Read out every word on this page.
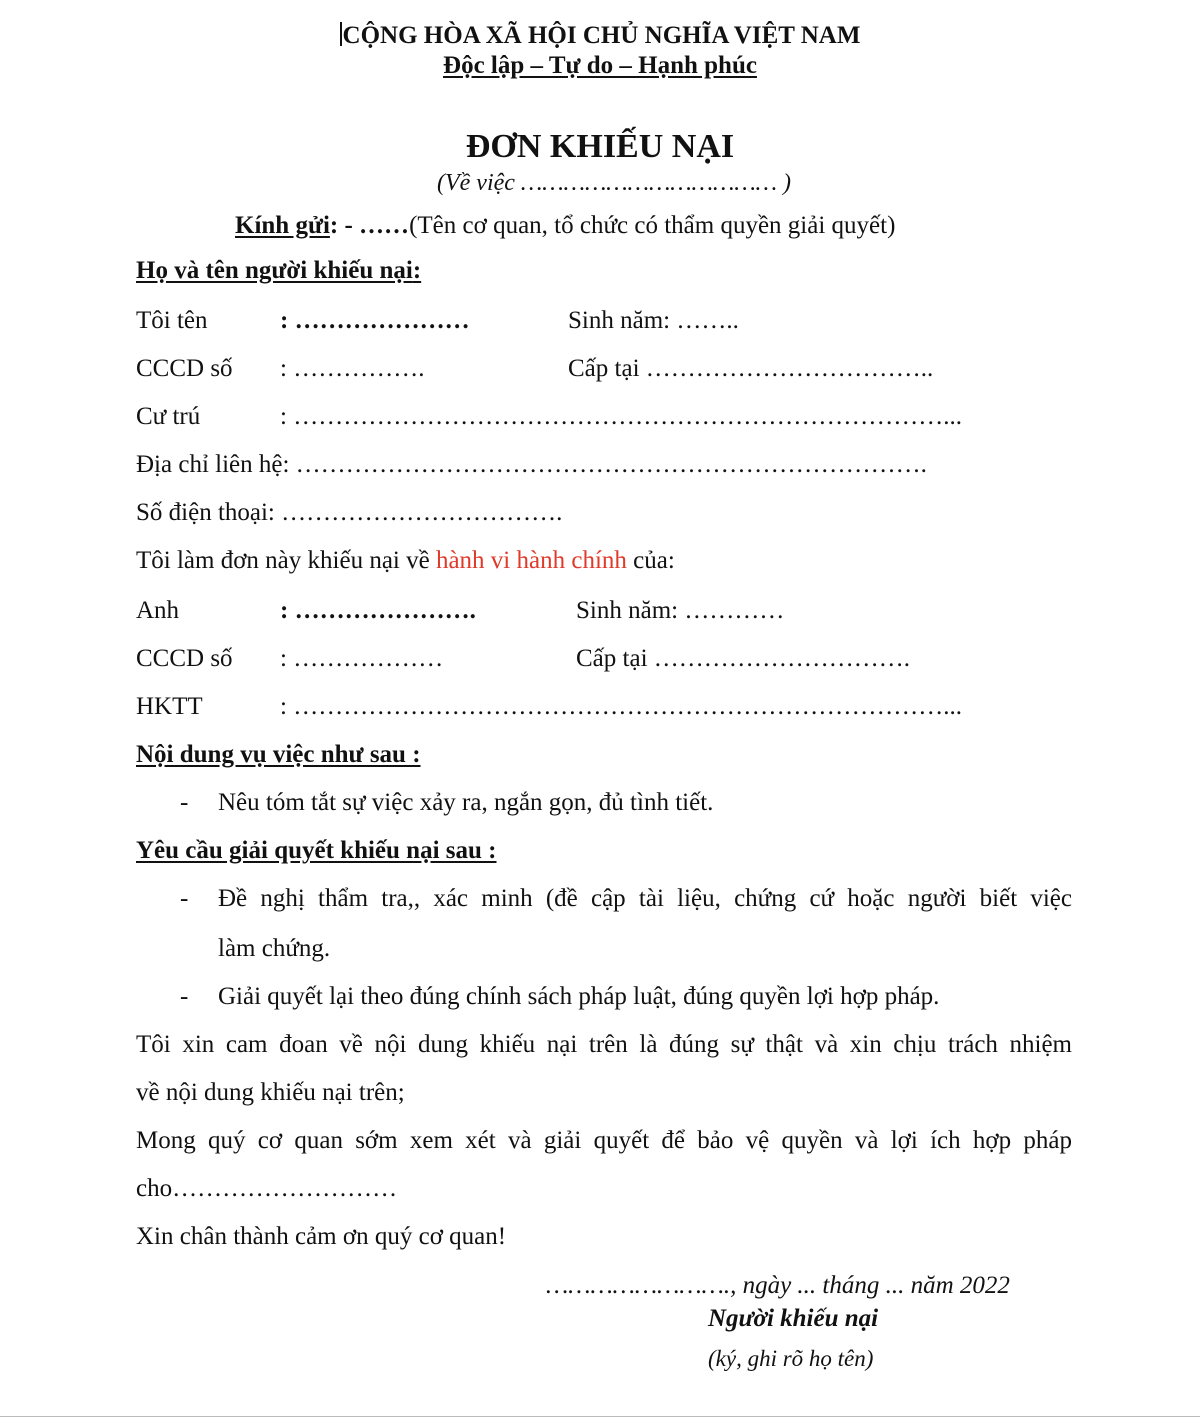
CỘNG HÒA XÃ HỘI CHỦ NGHĨA VIỆT NAM
Độc lập – Tự do – Hạnh phúc
ĐƠN KHIẾU NẠI
(Về việc ……………………………… )
Kính gửi: - ……(Tên cơ quan, tổ chức có thẩm quyền giải quyết)
Họ và tên người khiếu nại:
Tôi tên	: …………………	Sinh năm: ……..
CCCD số : …………….	Cấp tại ……………………………..
Cư trú	: ……………………………………………………………………...
Địa chỉ liên hệ: ………………………………………………………………….
Số điện thoại: …………………………….
Tôi làm đơn này khiếu nại về hành vi hành chính của:
Anh	: ………………….	Sinh năm: …………
CCCD số : ………………	Cấp tại ………………………….
HKTT	: ……………………………………………………………………...
Nội dung vụ việc như sau :
- Nêu tóm tắt sự việc xảy ra, ngắn gọn, đủ tình tiết.
Yêu cầu giải quyết khiếu nại sau :
- Đề nghị thẩm tra,, xác minh (đề cập tài liệu, chứng cứ hoặc người biết việc
làm chứng.
- Giải quyết lại theo đúng chính sách pháp luật, đúng quyền lợi hợp pháp.
Tôi xin cam đoan về nội dung khiếu nại trên là đúng sự thật và xin chịu trách nhiệm
về nội dung khiếu nại trên;
Mong quý cơ quan sớm xem xét và giải quyết để bảo vệ quyền và lợi ích hợp pháp
cho………………………
Xin chân thành cảm ơn quý cơ quan!
……………………., ngày ... tháng ... năm 2022
Người khiếu nại
(ký, ghi rõ họ tên)
